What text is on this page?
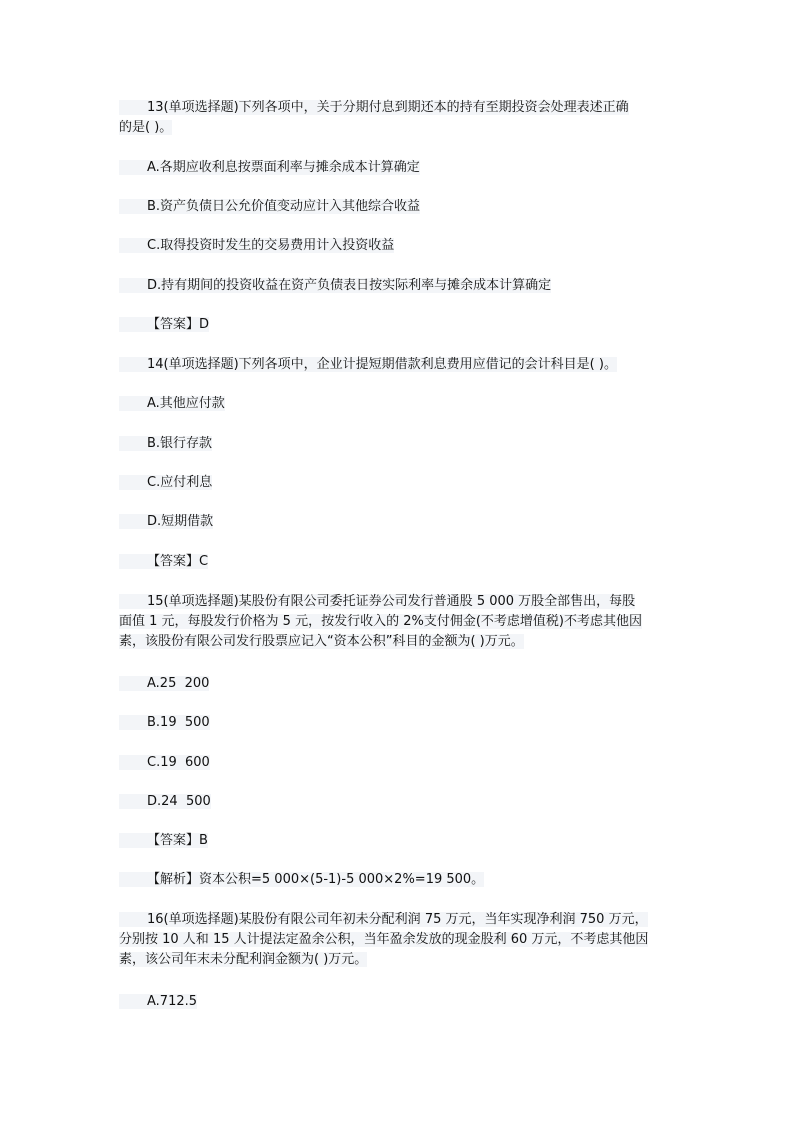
13(单项选择题)下列各项中，关于分期付息到期还本的持有至期投资会处理表述正确
的是( )。
A.各期应收利息按票面利率与摊余成本计算确定
B.资产负债日公允价值变动应计入其他综合收益
C.取得投资时发生的交易费用计入投资收益
D.持有期间的投资收益在资产负债表日按实际利率与摊余成本计算确定
【答案】D
14(单项选择题)下列各项中，企业计提短期借款利息费用应借记的会计科目是( )。
A.其他应付款
B.银行存款
C.应付利息
D.短期借款
【答案】C
15(单项选择题)某股份有限公司委托证券公司发行普通股 5 000 万股全部售出，每股
面值 1 元，每股发行价格为 5 元，按发行收入的 2%支付佣金(不考虑增值税)不考虑其他因
素，该股份有限公司发行股票应记入“资本公积”科目的金额为( )万元。
A.25  200
B.19  500
C.19  600
D.24  500
【答案】B
【解析】资本公积=5 000×(5-1)-5 000×2%=19 500。
16(单项选择题)某股份有限公司年初未分配利润 75 万元，当年实现净利润 750 万元，
分别按 10 人和 15 人计提法定盈余公积，当年盈余发放的现金股利 60 万元，不考虑其他因
素，该公司年末未分配利润金额为( )万元。
A.712.5
